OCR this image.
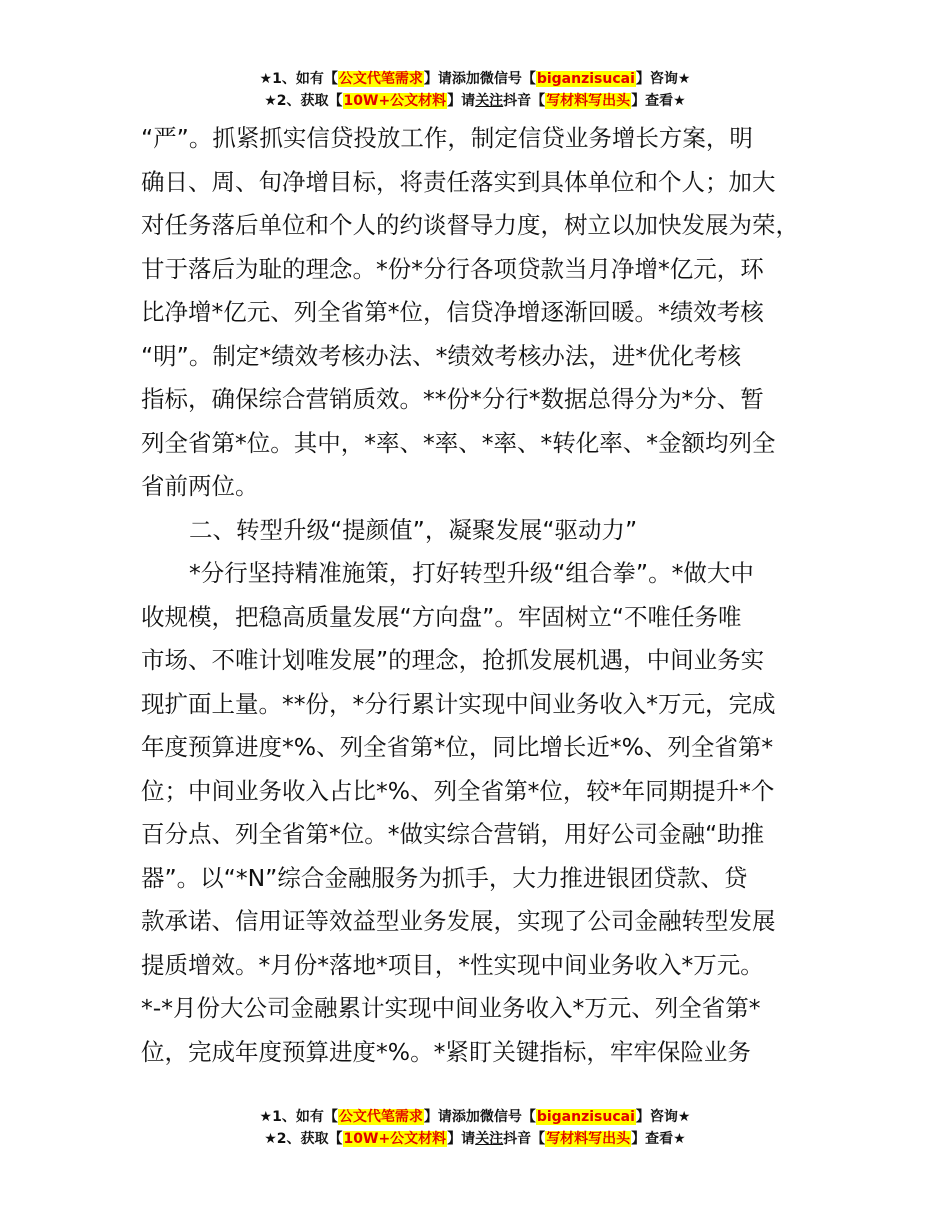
★1、如有【公文代笔需求】请添加微信号【biganzisucai】咨询★
★2、获取【10W+公文材料】请关注抖音【写材料写出头】查看★

“严”。抓紧抓实信贷投放工作，制定信贷业务增长方案，明

确日、周、旬净增目标，将责任落实到具体单位和个人；加大

对任务落后单位和个人的约谈督导力度，树立以加快发展为荣，

甘于落后为耻的理念。*份*分行各项贷款当月净增*亿元，环

比净增*亿元、列全省第*位，信贷净增逐渐回暖。*绩效考核

“明”。制定*绩效考核办法、*绩效考核办法，进*优化考核

指标，确保综合营销质效。**份*分行*数据总得分为*分、暂

列全省第*位。其中，*率、*率、*率、*转化率、*金额均列全

省前两位。

二、转型升级“提颜值”，凝聚发展“驱动力”

*分行坚持精准施策，打好转型升级“组合拳”。*做大中

收规模，把稳高质量发展“方向盘”。牢固树立“不唯任务唯

市场、不唯计划唯发展”的理念，抢抓发展机遇，中间业务实

现扩面上量。**份，*分行累计实现中间业务收入*万元，完成

年度预算进度*%、列全省第*位，同比增长近*%、列全省第*

位；中间业务收入占比*%、列全省第*位，较*年同期提升*个

百分点、列全省第*位。*做实综合营销，用好公司金融“助推

器”。以“*N”综合金融服务为抓手，大力推进银团贷款、贷

款承诺、信用证等效益型业务发展，实现了公司金融转型发展

提质增效。*月份*落地*项目，*性实现中间业务收入*万元。

*-*月份大公司金融累计实现中间业务收入*万元、列全省第*

位，完成年度预算进度*%。*紧盯关键指标，牢牢保险业务

★1、如有【公文代笔需求】请添加微信号【biganzisucai】咨询★
★2、获取【10W+公文材料】请关注抖音【写材料写出头】查看★
